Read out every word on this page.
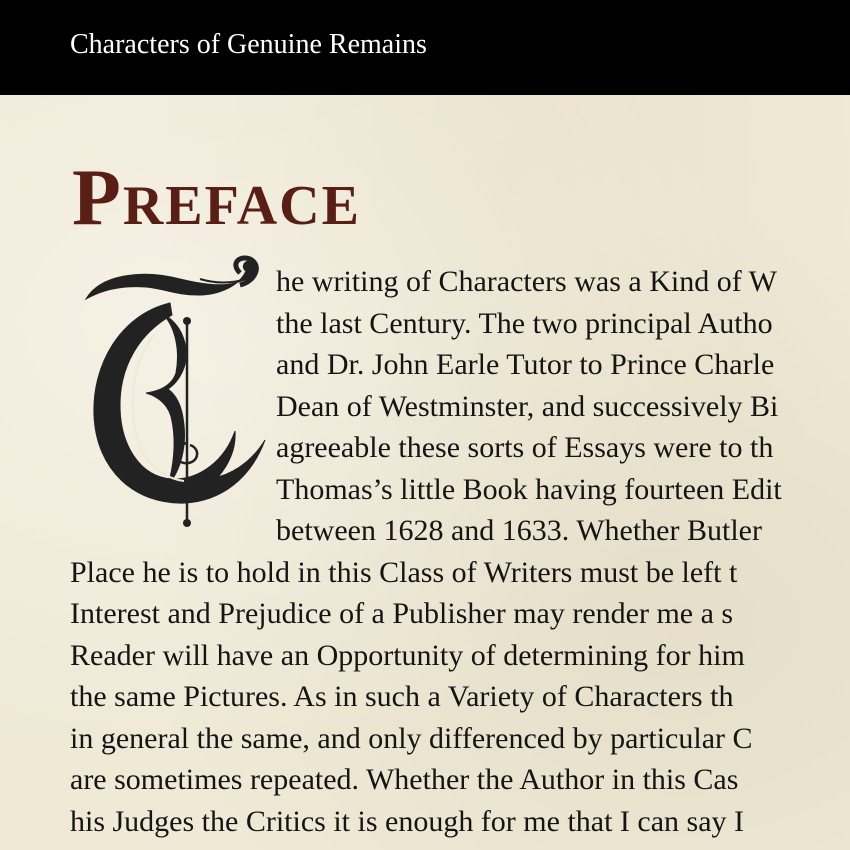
Characters of Genuine Remains
Preface
he writing of Characters was a Kind of W
the last Century. The two principal Autho
and Dr. John Earle Tutor to Prince Charle
Dean of Westminster, and successively Bi
agreeable these sorts of Essays were to th
Thomas’s little Book having fourteen Edit
between 1628 and 1633. Whether Butler
Place he is to hold in this Class of Writers must be left t
Interest and Prejudice of a Publisher may render me a s
Reader will have an Opportunity of determining for him
the same Pictures. As in such a Variety of Characters th
in general the same, and only differenced by particular C
are sometimes repeated. Whether the Author in this Cas
his Judges the Critics it is enough for me that I can say I
